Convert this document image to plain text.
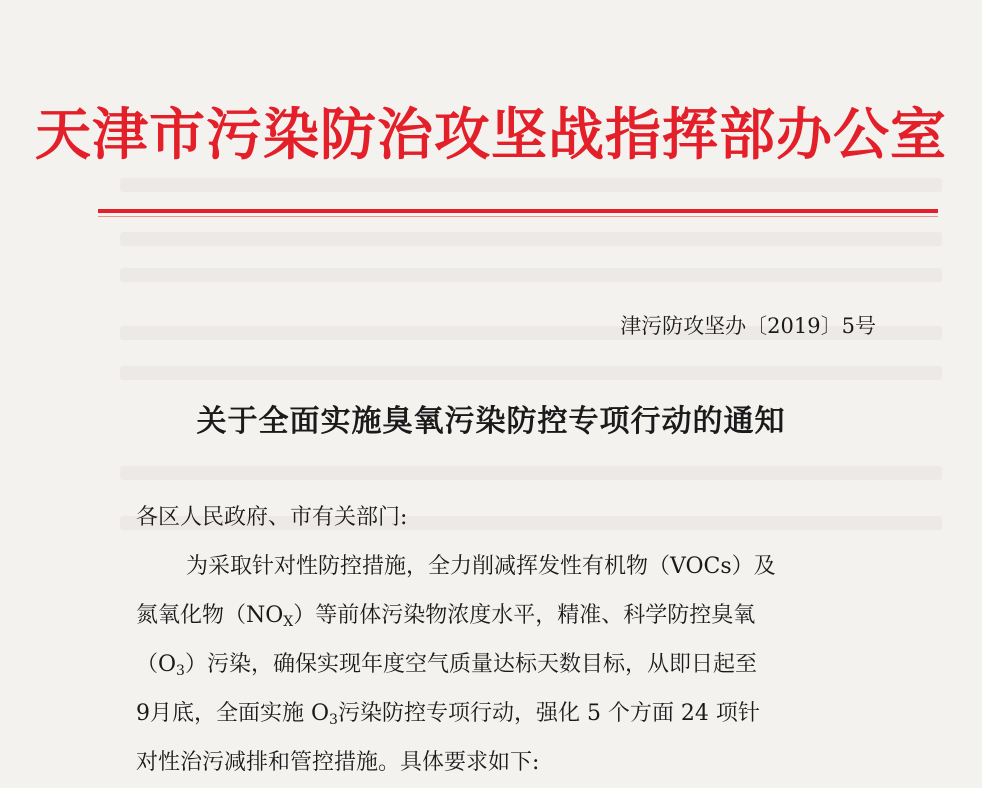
天津市污染防治攻坚战指挥部办公室
津污防攻坚办〔2019〕5号
关于全面实施臭氧污染防控专项行动的通知
各区人民政府、市有关部门:
为采取针对性防控措施，全力削减挥发性有机物（VOCs）及
氮氧化物$(NO_X)$等前体污染物浓度水平，精准、科学防控臭氧
$(O_3)$污染，确保实现年度空气质量达标天数目标，从即日起至
9月底，全面实施 $O_3$污染防控专项行动，强化 5 个方面 24 项针
对性治污减排和管控措施。具体要求如下:
